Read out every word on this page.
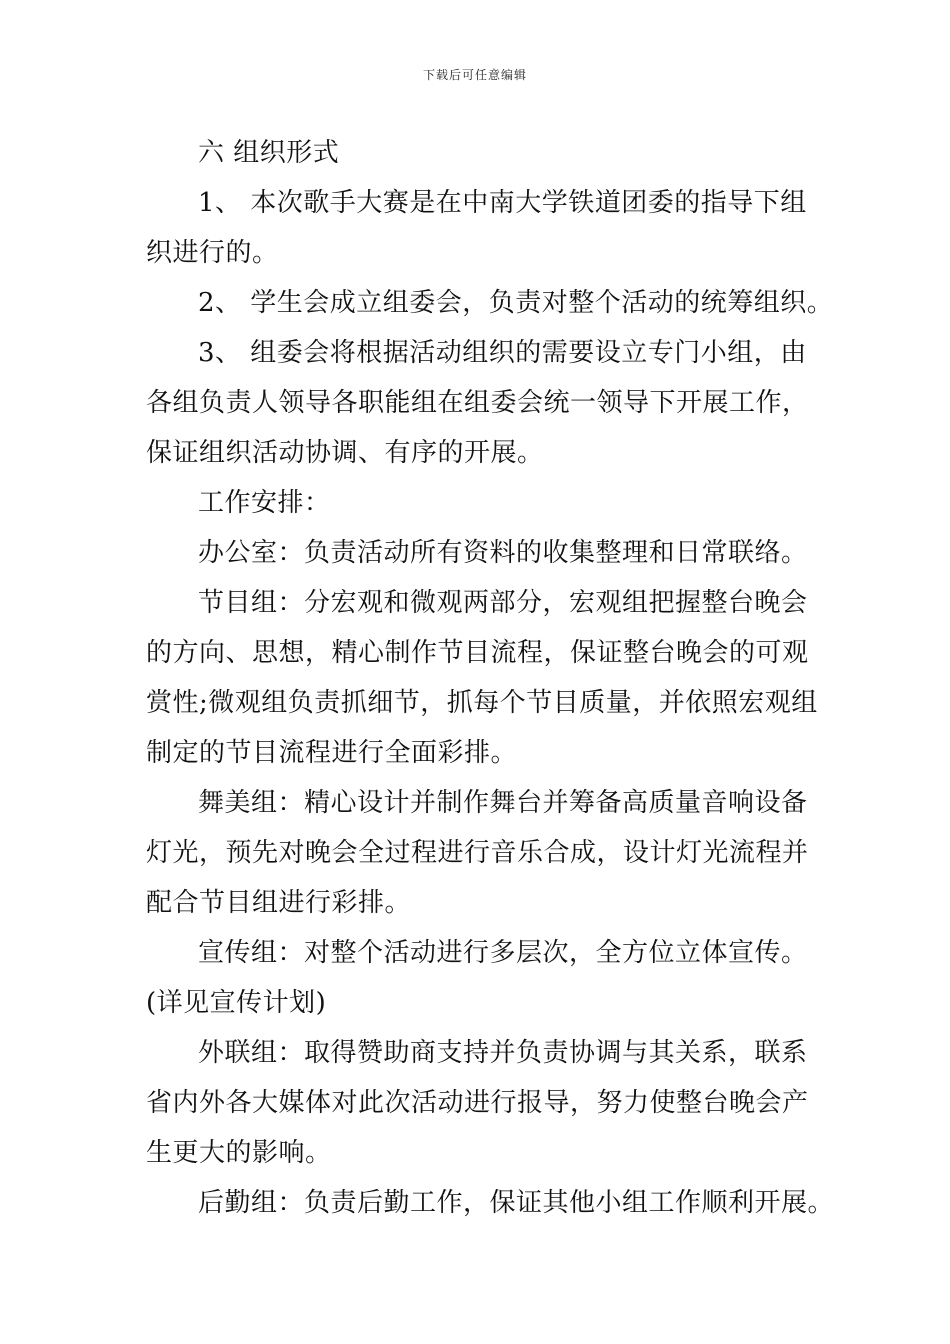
下载后可任意编辑

六 组织形式

1、 本次歌手大赛是在中南大学铁道团委的指导下组
织进行的。

2、 学生会成立组委会，负责对整个活动的统筹组织。

3、 组委会将根据活动组织的需要设立专门小组，由
各组负责人领导各职能组在组委会统一领导下开展工作，
保证组织活动协调、有序的开展。

工作安排：

办公室：负责活动所有资料的收集整理和日常联络。

节目组：分宏观和微观两部分，宏观组把握整台晚会
的方向、思想，精心制作节目流程，保证整台晚会的可观
赏性;微观组负责抓细节，抓每个节目质量，并依照宏观组
制定的节目流程进行全面彩排。

舞美组：精心设计并制作舞台并筹备高质量音响设备
灯光，预先对晚会全过程进行音乐合成，设计灯光流程并
配合节目组进行彩排。

宣传组：对整个活动进行多层次，全方位立体宣传。
(详见宣传计划)

外联组：取得赞助商支持并负责协调与其关系，联系
省内外各大媒体对此次活动进行报导，努力使整台晚会产
生更大的影响。

后勤组：负责后勤工作，保证其他小组工作顺利开展。
